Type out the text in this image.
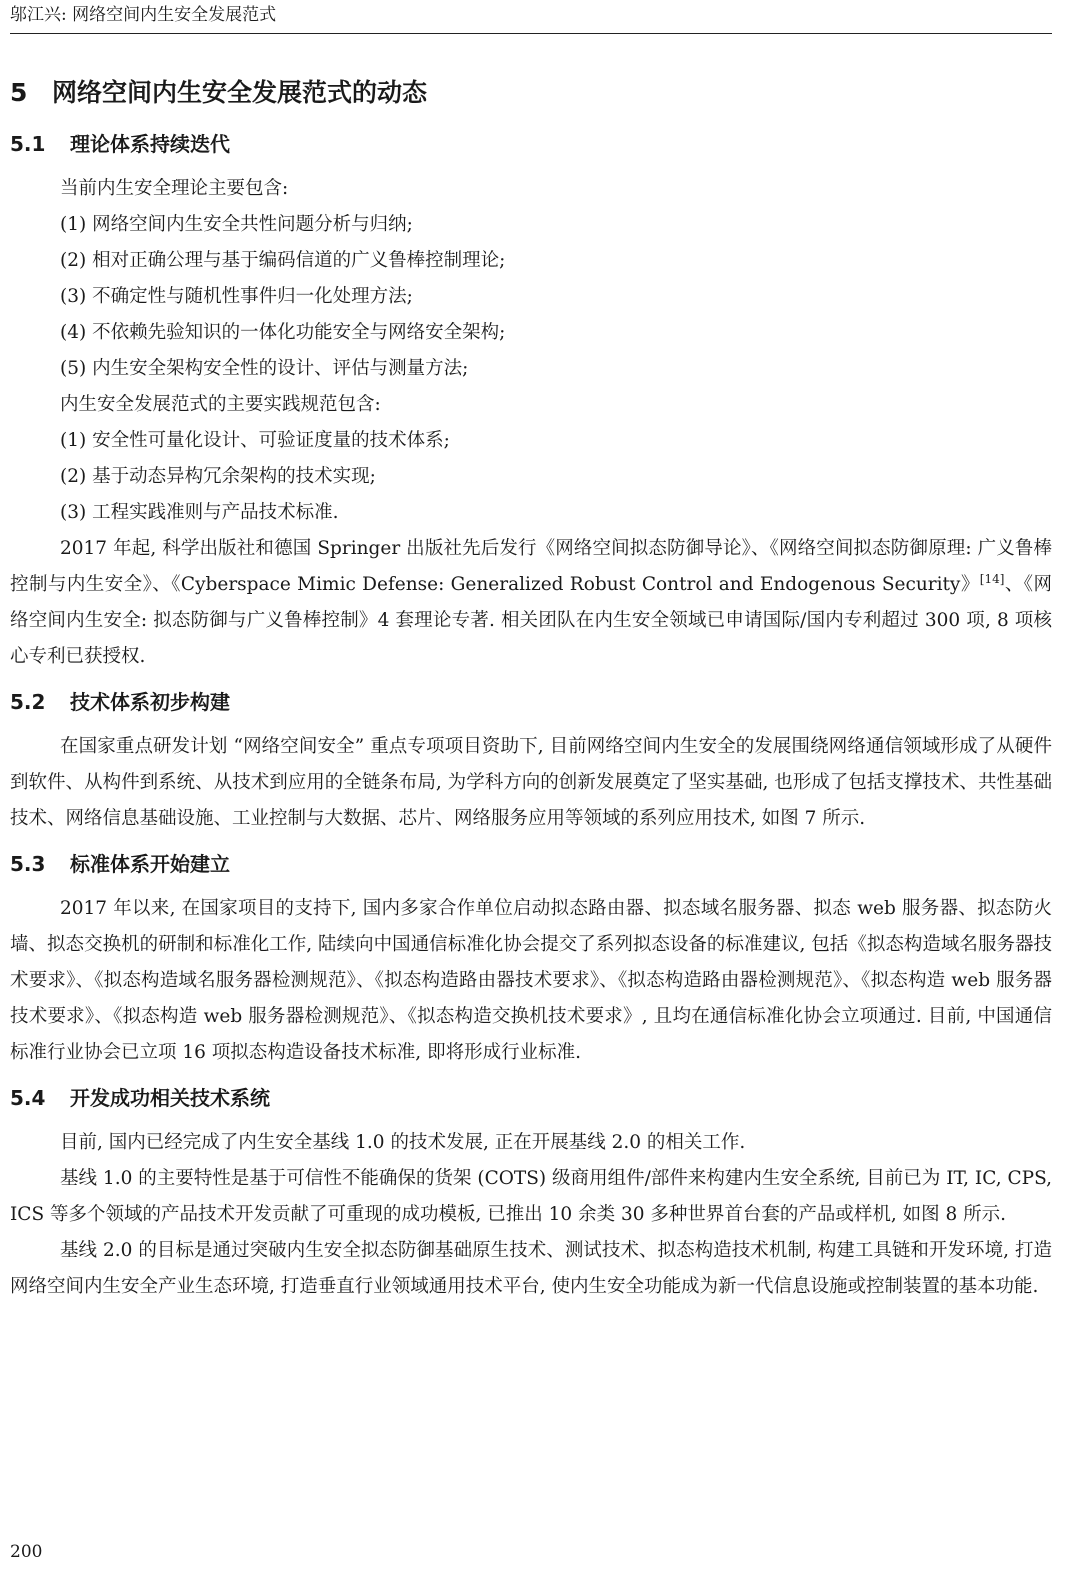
邬江兴: 网络空间内生安全发展范式
5 网络空间内生安全发展范式的动态
5.1 理论体系持续迭代
当前内生安全理论主要包含:
(1) 网络空间内生安全共性问题分析与归纳;
(2) 相对正确公理与基于编码信道的广义鲁棒控制理论;
(3) 不确定性与随机性事件归一化处理方法;
(4) 不依赖先验知识的一体化功能安全与网络安全架构;
(5) 内生安全架构安全性的设计、评估与测量方法;
内生安全发展范式的主要实践规范包含:
(1) 安全性可量化设计、可验证度量的技术体系;
(2) 基于动态异构冗余架构的技术实现;
(3) 工程实践准则与产品技术标准.

2017 年起, 科学出版社和德国 Springer 出版社先后发行《网络空间拟态防御导论》、《网络空间拟态防御原理: 广义鲁棒控制与内生安全》、《Cyberspace Mimic Defense: Generalized Robust Control and Endogenous Security》[14]、《网络空间内生安全: 拟态防御与广义鲁棒控制》4 套理论专著. 相关团队在内生安全领域已申请国际/国内专利超过 300 项, 8 项核心专利已获授权.

5.2 技术体系初步构建

在国家重点研发计划 “网络空间安全” 重点专项项目资助下, 目前网络空间内生安全的发展围绕网络通信领域形成了从硬件到软件、从构件到系统、从技术到应用的全链条布局, 为学科方向的创新发展奠定了坚实基础, 也形成了包括支撑技术、共性基础技术、网络信息基础设施、工业控制与大数据、芯片、网络服务应用等领域的系列应用技术, 如图 7 所示.

5.3 标准体系开始建立

2017 年以来, 在国家项目的支持下, 国内多家合作单位启动拟态路由器、拟态域名服务器、拟态 web 服务器、拟态防火墙、拟态交换机的研制和标准化工作, 陆续向中国通信标准化协会提交了系列拟态设备的标准建议, 包括《拟态构造域名服务器技术要求》、《拟态构造域名服务器检测规范》、《拟态构造路由器技术要求》、《拟态构造路由器检测规范》、《拟态构造 web 服务器技术要求》、《拟态构造 web 服务器检测规范》、《拟态构造交换机技术要求》, 且均在通信标准化协会立项通过. 目前, 中国通信标准行业协会已立项 16 项拟态构造设备技术标准, 即将形成行业标准.

5.4 开发成功相关技术系统

目前, 国内已经完成了内生安全基线 1.0 的技术发展, 正在开展基线 2.0 的相关工作.

基线 1.0 的主要特性是基于可信性不能确保的货架 (COTS) 级商用组件/部件来构建内生安全系统, 目前已为 IT, IC, CPS, ICS 等多个领域的产品技术开发贡献了可重现的成功模板, 已推出 10 余类 30 多种世界首台套的产品或样机, 如图 8 所示.

基线 2.0 的目标是通过突破内生安全拟态防御基础原生技术、测试技术、拟态构造技术机制, 构建工具链和开发环境, 打造网络空间内生安全产业生态环境, 打造垂直行业领域通用技术平台, 使内生安全功能成为新一代信息设施或控制装置的基本功能.

200
